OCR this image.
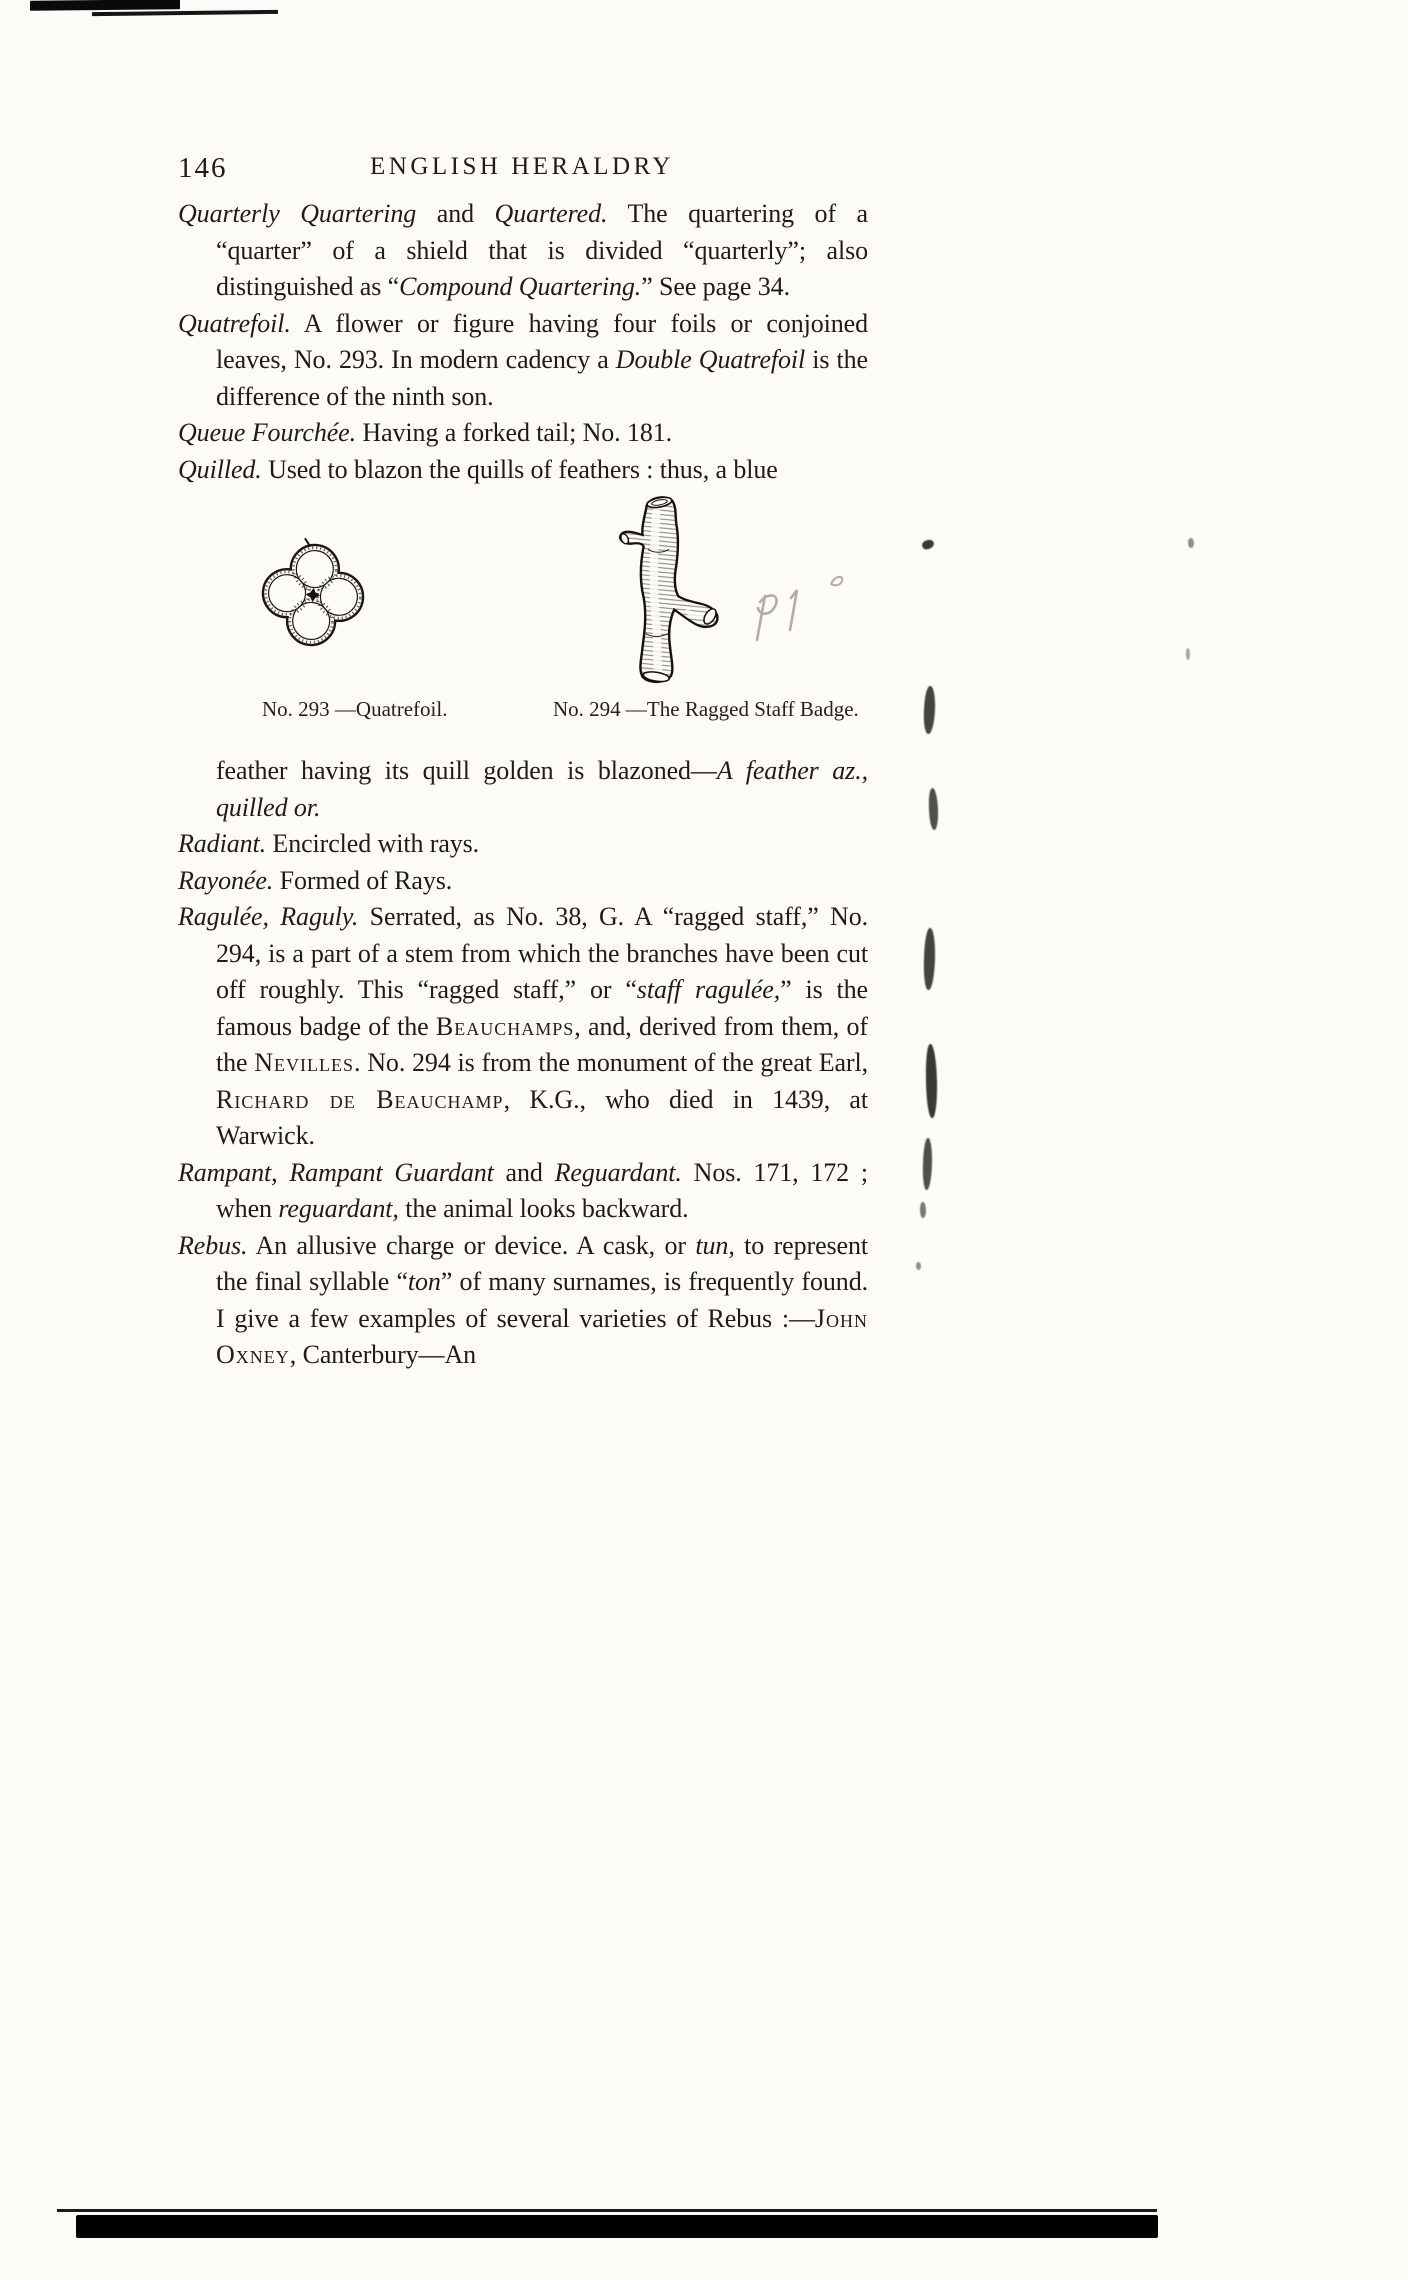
146	ENGLISH HERALDRY

Quarterly Quartering and Quartered. The quartering of a “quarter” of a shield that is divided “quarterly”; also distinguished as “Compound Quartering.” See page 34.

Quatrefoil. A flower or figure having four foils or conjoined leaves, No. 293. In modern cadency a Double Quatrefoil is the difference of the ninth son.

Queue Fourchée. Having a forked tail; No. 181.

Quilled. Used to blazon the quills of feathers : thus, a blue

No. 293 —Quatrefoil.	No. 294 —The Ragged Staff Badge.

feather having its quill golden is blazoned—A feather az., quilled or.

Radiant. Encircled with rays.

Rayonée. Formed of Rays.

Ragulée, Raguly. Serrated, as No. 38, G. A “ragged staff,” No. 294, is a part of a stem from which the branches have been cut off roughly. This “ragged staff,” or “staff ragulée,” is the famous badge of the Beauchamps, and, derived from them, of the Nevilles. No. 294 is from the monument of the great Earl, Richard de Beauchamp, K.G., who died in 1439, at Warwick.

Rampant, Rampant Guardant and Reguardant. Nos. 171, 172 ; when reguardant, the animal looks backward.

Rebus. An allusive charge or device. A cask, or tun, to represent the final syllable “ton” of many surnames, is frequently found. I give a few examples of several varieties of Rebus :—John Oxney, Canterbury—An
